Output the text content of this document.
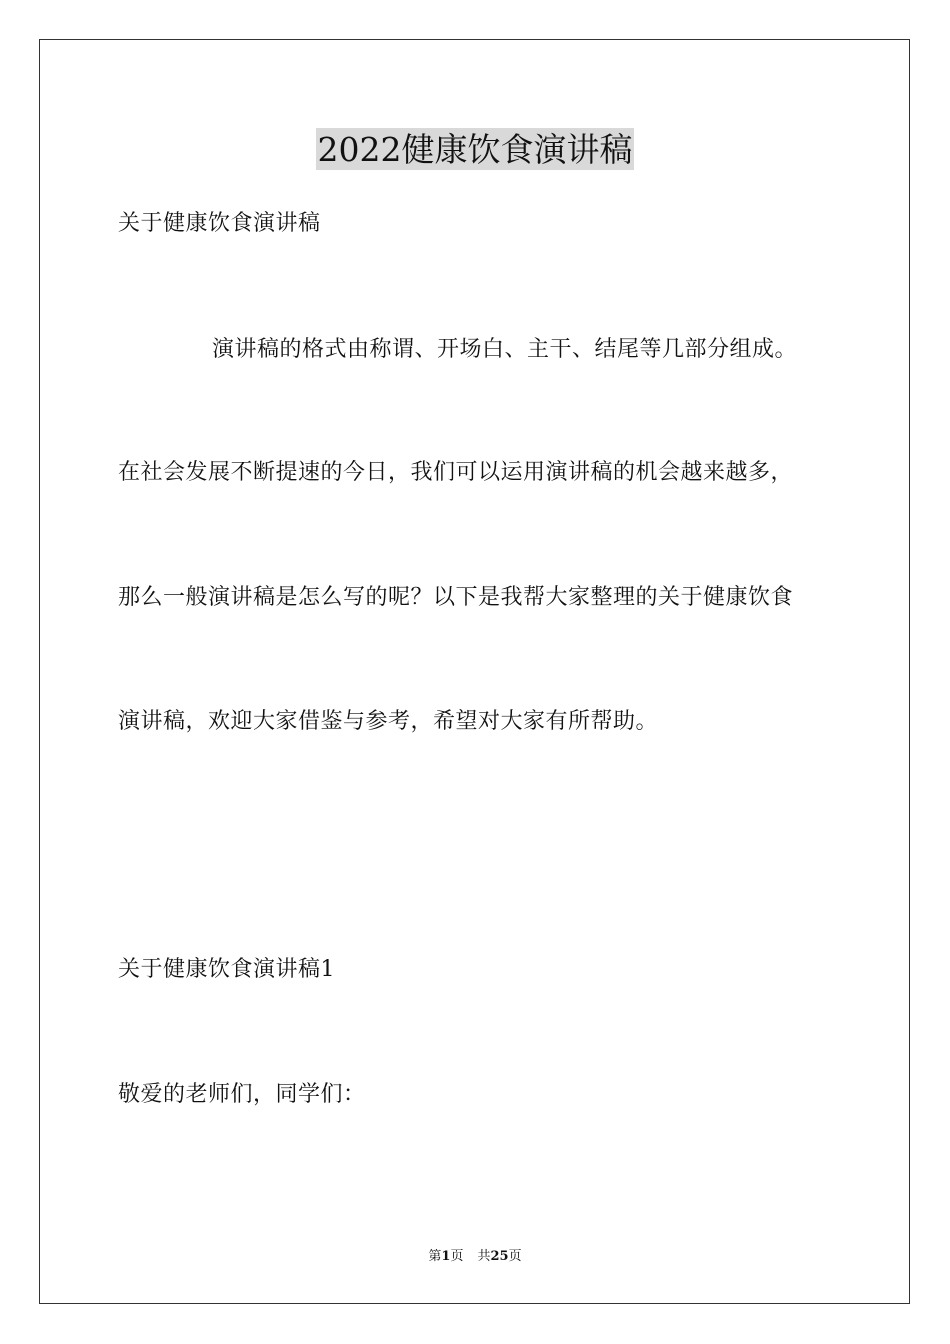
2022健康饮食演讲稿
关于健康饮食演讲稿
演讲稿的格式由称谓、开场白、主干、结尾等几部分组成。
在社会发展不断提速的今日，我们可以运用演讲稿的机会越来越多，
那么一般演讲稿是怎么写的呢？以下是我帮大家整理的关于健康饮食
演讲稿，欢迎大家借鉴与参考，希望对大家有所帮助。
关于健康饮食演讲稿1
敬爱的老师们，同学们：
第1页 共25页
